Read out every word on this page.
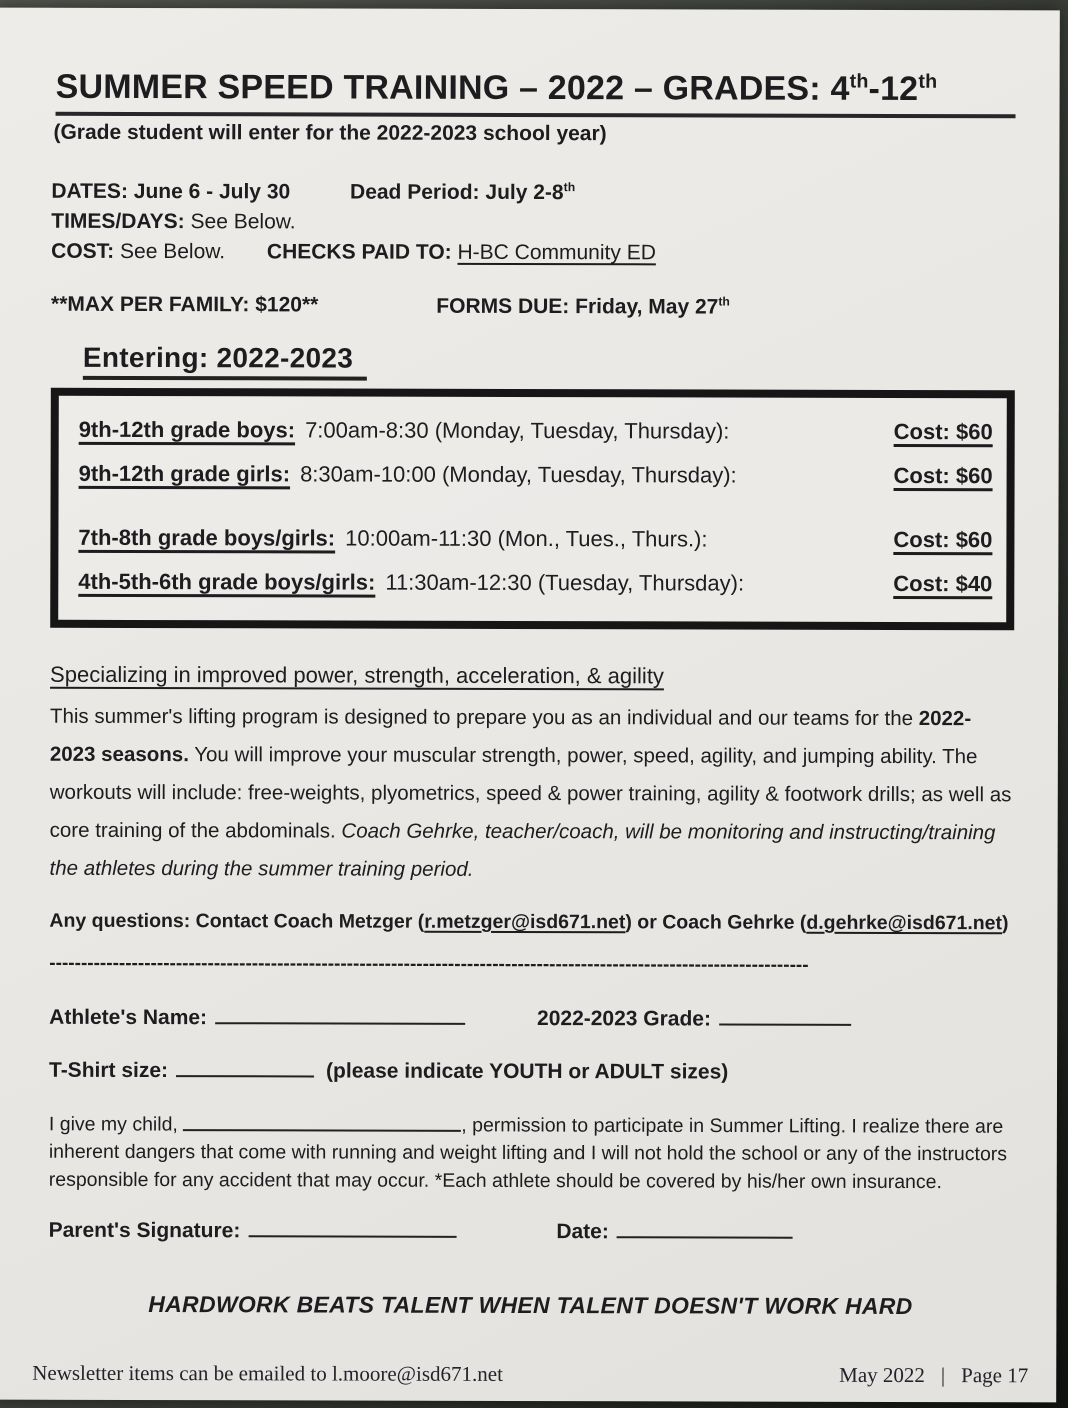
SUMMER SPEED TRAINING – 2022 – GRADES: 4th-12th
(Grade student will enter for the 2022-2023 school year)
DATES: June 6 - July 30	Dead Period: July 2-8th
TIMES/DAYS: See Below.
COST: See Below. CHECKS PAID TO: H-BC Community ED
**MAX PER FAMILY: $120**	FORMS DUE: Friday, May 27th
Entering: 2022-2023
9th-12th grade boys: 7:00am-8:30 (Monday, Tuesday, Thursday):	Cost: $60
9th-12th grade girls: 8:30am-10:00 (Monday, Tuesday, Thursday):	Cost: $60
7th-8th grade boys/girls: 10:00am-11:30 (Mon., Tues., Thurs.):	Cost: $60
4th-5th-6th grade boys/girls: 11:30am-12:30 (Tuesday, Thursday):	Cost: $40
Specializing in improved power, strength, acceleration, & agility
This summer's lifting program is designed to prepare you as an individual and our teams for the 2022-2023 seasons. You will improve your muscular strength, power, speed, agility, and jumping ability. The workouts will include: free-weights, plyometrics, speed & power training, agility & footwork drills; as well as core training of the abdominals. Coach Gehrke, teacher/coach, will be monitoring and instructing/training the athletes during the summer training period.
Any questions: Contact Coach Metzger (r.metzger@isd671.net) or Coach Gehrke (d.gehrke@isd671.net)
------------------------------------------------------------------------------------------------------------------------
Athlete's Name:	2022-2023 Grade:
T-Shirt size:	(please indicate YOUTH or ADULT sizes)
I give my child,	, permission to participate in Summer Lifting. I realize there are inherent dangers that come with running and weight lifting and I will not hold the school or any of the instructors responsible for any accident that may occur. *Each athlete should be covered by his/her own insurance.
Parent's Signature:	Date:
HARDWORK BEATS TALENT WHEN TALENT DOESN'T WORK HARD
Newsletter items can be emailed to l.moore@isd671.net	May 2022 | Page 17
